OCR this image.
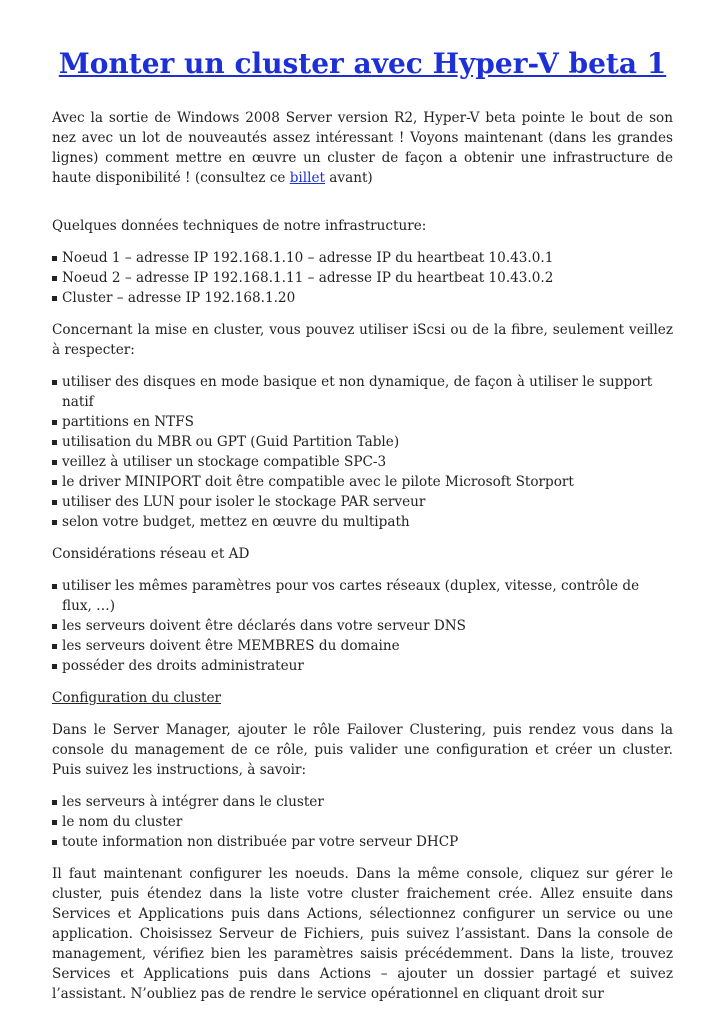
Monter un cluster avec Hyper-V beta 1

Avec la sortie de Windows 2008 Server version R2, Hyper-V beta pointe le bout de son nez avec un lot de nouveautés assez intéressant ! Voyons maintenant (dans les grandes lignes) comment mettre en œuvre un cluster de façon a obtenir une infrastructure de haute disponibilité ! (consultez ce billet avant)

Quelques données techniques de notre infrastructure:

Noeud 1 – adresse IP 192.168.1.10 – adresse IP du heartbeat 10.43.0.1
Noeud 2 – adresse IP 192.168.1.11 – adresse IP du heartbeat 10.43.0.2
Cluster – adresse IP 192.168.1.20

Concernant la mise en cluster, vous pouvez utiliser iScsi ou de la fibre, seulement veillez à respecter:

utiliser des disques en mode basique et non dynamique, de façon à utiliser le support natif
partitions en NTFS
utilisation du MBR ou GPT (Guid Partition Table)
veillez à utiliser un stockage compatible SPC-3
le driver MINIPORT doit être compatible avec le pilote Microsoft Storport
utiliser des LUN pour isoler le stockage PAR serveur
selon votre budget, mettez en œuvre du multipath

Considérations réseau et AD

utiliser les mêmes paramètres pour vos cartes réseaux (duplex, vitesse, contrôle de flux, …)
les serveurs doivent être déclarés dans votre serveur DNS
les serveurs doivent être MEMBRES du domaine
posséder des droits administrateur

Configuration du cluster

Dans le Server Manager, ajouter le rôle Failover Clustering, puis rendez vous dans la console du management de ce rôle, puis valider une configuration et créer un cluster. Puis suivez les instructions, à savoir:

les serveurs à intégrer dans le cluster
le nom du cluster
toute information non distribuée par votre serveur DHCP

Il faut maintenant configurer les noeuds. Dans la même console, cliquez sur gérer le cluster, puis étendez dans la liste votre cluster fraichement crée. Allez ensuite dans Services et Applications puis dans Actions, sélectionnez configurer un service ou une application. Choisissez Serveur de Fichiers, puis suivez l’assistant. Dans la console de management, vérifiez bien les paramètres saisis précédemment. Dans la liste, trouvez Services et Applications puis dans Actions – ajouter un dossier partagé et suivez l’assistant. N’oubliez pas de rendre le service opérationnel en cliquant droit sur
